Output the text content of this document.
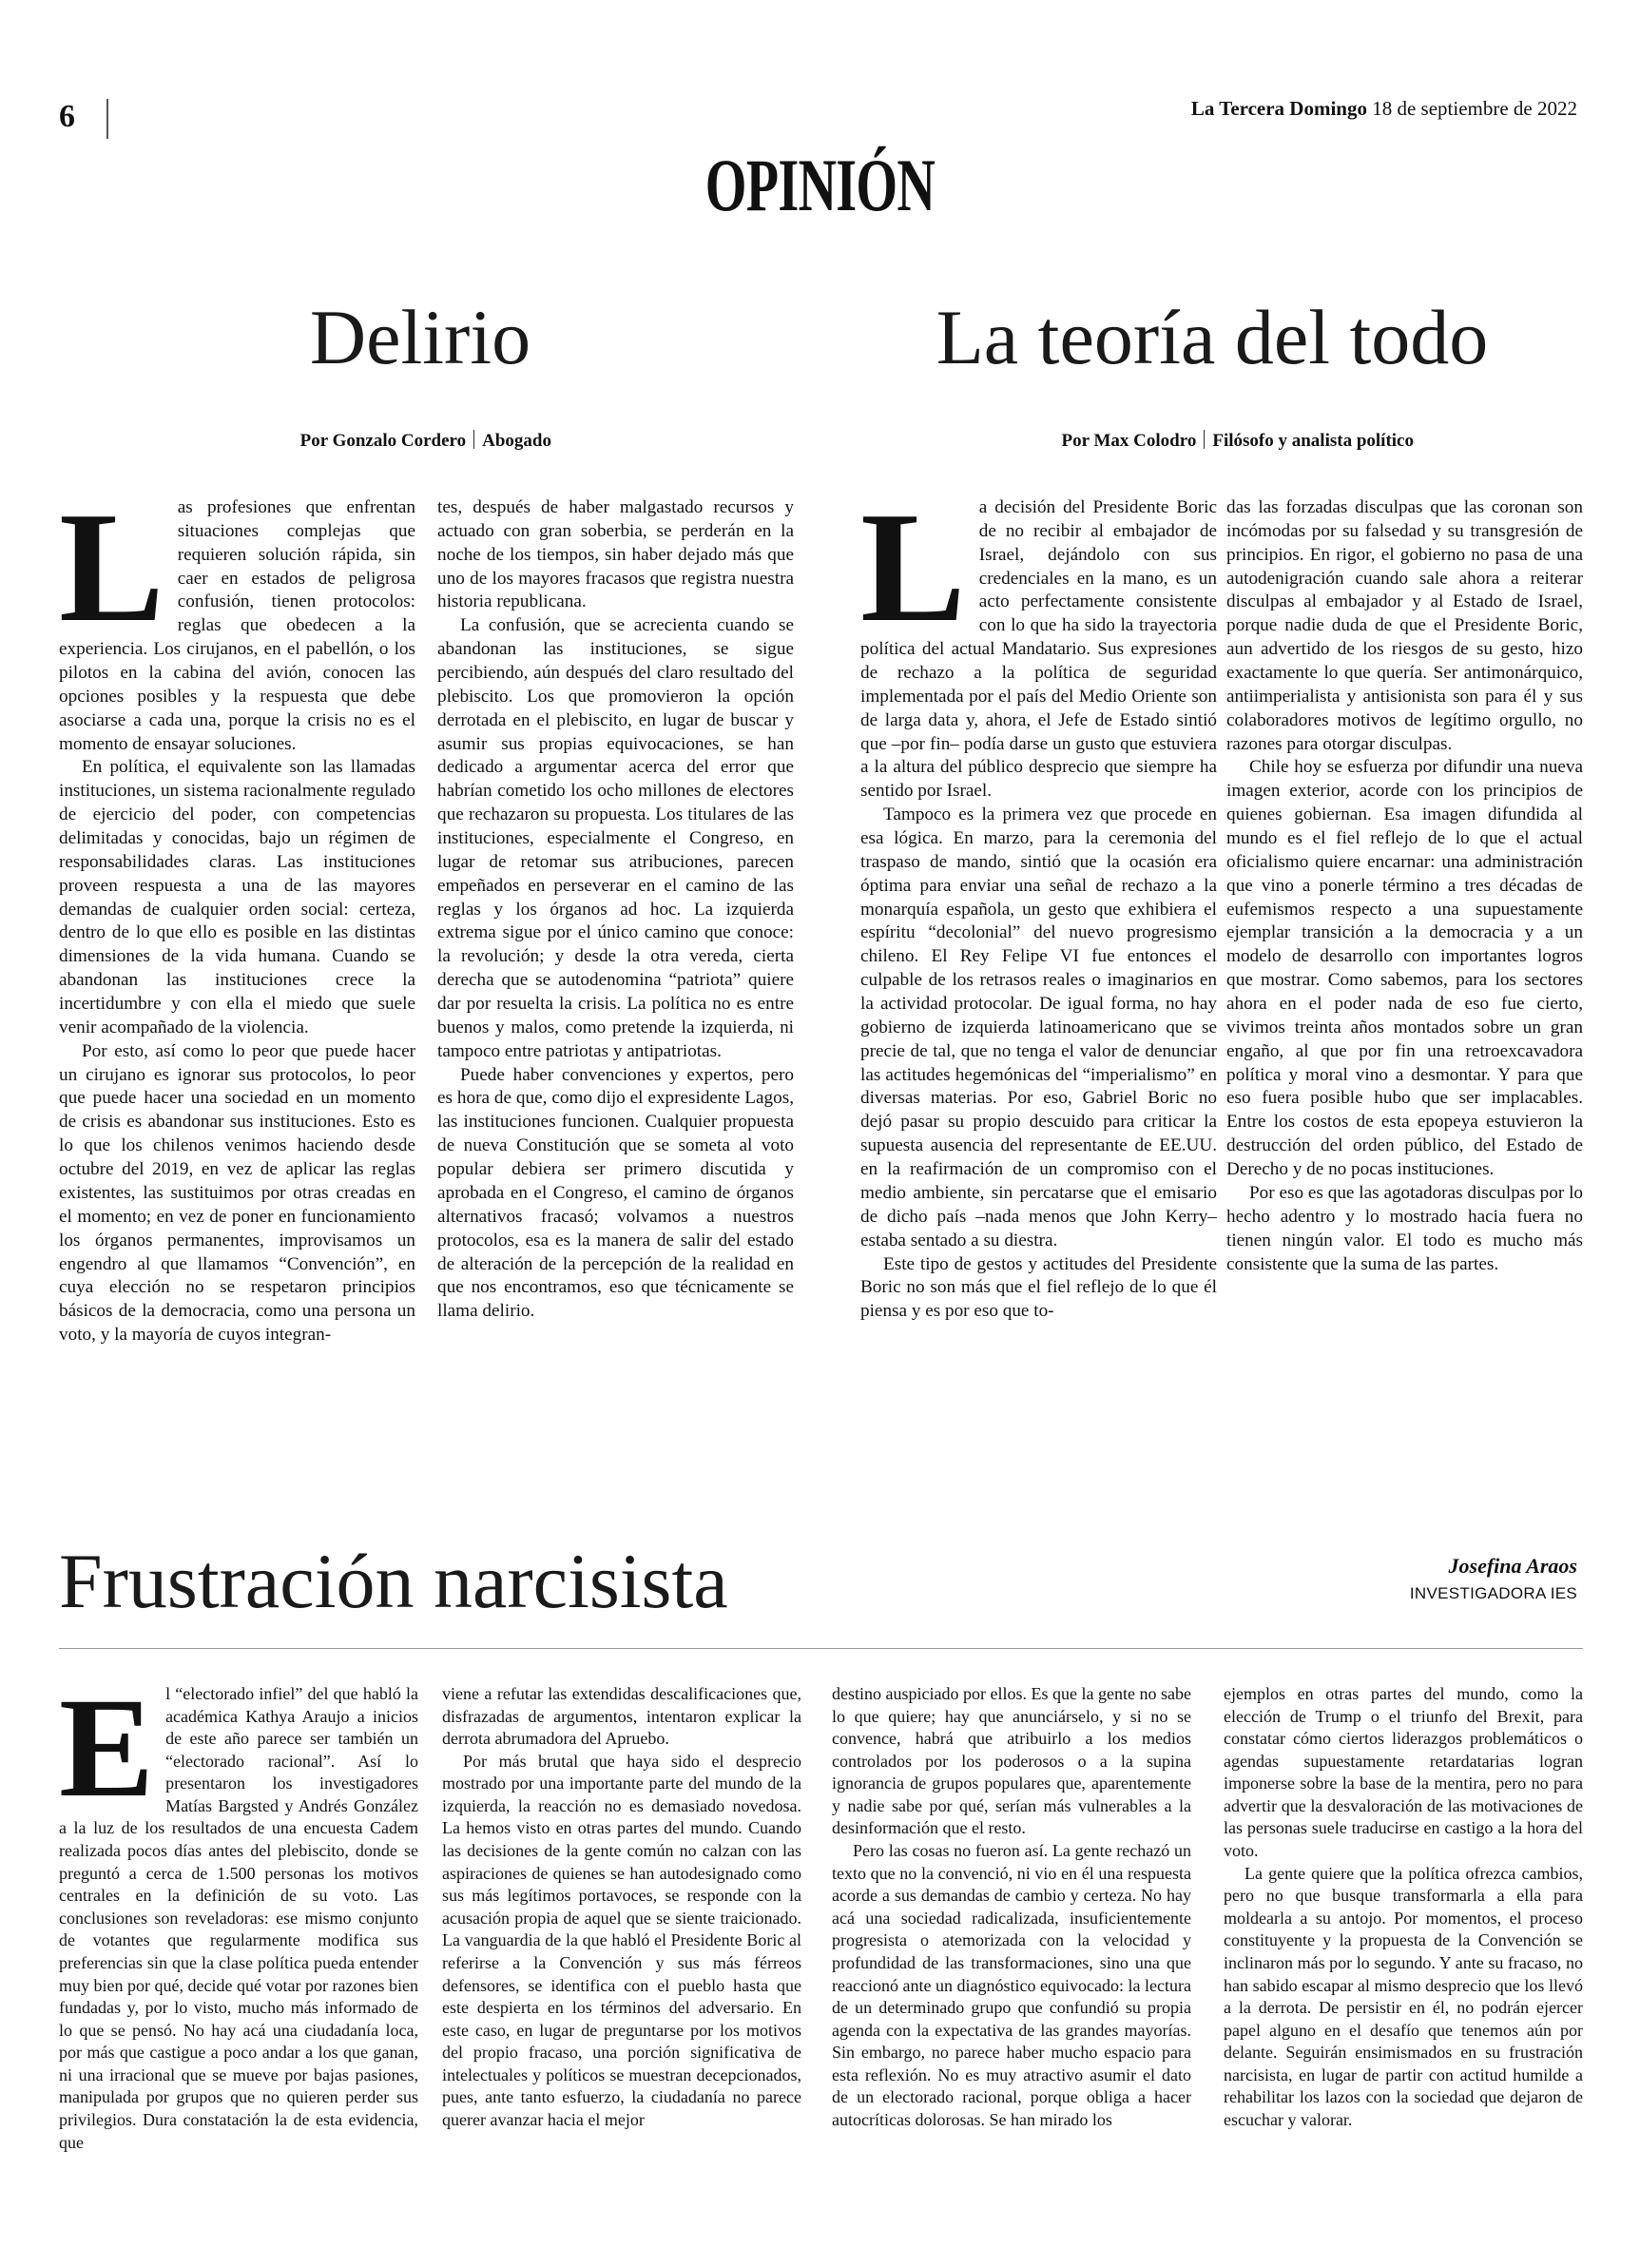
6	La Tercera Domingo 18 de septiembre de 2022
OPINIÓN
Delirio
Por Gonzalo Cordero Abogado
L as profesiones que enfrentan situaciones complejas que requieren solución rápida, sin caer en estados de peligrosa confusión, tienen protocolos: reglas que obedecen a la experiencia. Los cirujanos, en el pabellón, o los pilotos en la cabina del avión, conocen las opciones posibles y la respuesta que debe asociarse a cada una, porque la crisis no es el momento de ensayar soluciones.

En política, el equivalente son las llamadas instituciones, un sistema racionalmente regulado de ejercicio del poder, con competencias delimitadas y conocidas, bajo un régimen de responsabilidades claras. Las instituciones proveen respuesta a una de las mayores demandas de cualquier orden social: certeza, dentro de lo que ello es posible en las distintas dimensiones de la vida humana. Cuando se abandonan las instituciones crece la incertidumbre y con ella el miedo que suele venir acompañado de la violencia.

Por esto, así como lo peor que puede hacer un cirujano es ignorar sus protocolos, lo peor que puede hacer una sociedad en un momento de crisis es abandonar sus instituciones. Esto es lo que los chilenos venimos haciendo desde octubre del 2019, en vez de aplicar las reglas existentes, las sustituimos por otras creadas en el momento; en vez de poner en funcionamiento los órganos permanentes, improvisamos un engendro al que llamamos “Convención”, en cuya elección no se respetaron principios básicos de la democracia, como una persona un voto, y la mayoría de cuyos integran-

tes, después de haber malgastado recursos y actuado con gran soberbia, se perderán en la noche de los tiempos, sin haber dejado más que uno de los mayores fracasos que registra nuestra historia republicana.

La confusión, que se acrecienta cuando se abandonan las instituciones, se sigue percibiendo, aún después del claro resultado del plebiscito. Los que promovieron la opción derrotada en el plebiscito, en lugar de buscar y asumir sus propias equivocaciones, se han dedicado a argumentar acerca del error que habrían cometido los ocho millones de electores que rechazaron su propuesta. Los titulares de las instituciones, especialmente el Congreso, en lugar de retomar sus atribuciones, parecen empeñados en perseverar en el camino de las reglas y los órganos ad hoc. La izquierda extrema sigue por el único camino que conoce: la revolución; y desde la otra vereda, cierta derecha que se autodenomina “patriota” quiere dar por resuelta la crisis. La política no es entre buenos y malos, como pretende la izquierda, ni tampoco entre patriotas y antipatriotas.

Puede haber convenciones y expertos, pero es hora de que, como dijo el expresidente Lagos, las instituciones funcionen. Cualquier propuesta de nueva Constitución que se someta al voto popular debiera ser primero discutida y aprobada en el Congreso, el camino de órganos alternativos fracasó; volvamos a nuestros protocolos, esa es la manera de salir del estado de alteración de la percepción de la realidad en que nos encontramos, eso que técnicamente se llama delirio.

La teoría del todo
Por Max Colodro Filósofo y analista político
L a decisión del Presidente Boric de no recibir al embajador de Israel, dejándolo con sus credenciales en la mano, es un acto perfectamente consistente con lo que ha sido la trayectoria política del actual Mandatario. Sus expresiones de rechazo a la política de seguridad implementada por el país del Medio Oriente son de larga data y, ahora, el Jefe de Estado sintió que –por fin– podía darse un gusto que estuviera a la altura del público desprecio que siempre ha sentido por Israel.

Tampoco es la primera vez que procede en esa lógica. En marzo, para la ceremonia del traspaso de mando, sintió que la ocasión era óptima para enviar una señal de rechazo a la monarquía española, un gesto que exhibiera el espíritu “decolonial” del nuevo progresismo chileno. El Rey Felipe VI fue entonces el culpable de los retrasos reales o imaginarios en la actividad protocolar. De igual forma, no hay gobierno de izquierda latinoamericano que se precie de tal, que no tenga el valor de denunciar las actitudes hegemónicas del “imperialismo” en diversas materias. Por eso, Gabriel Boric no dejó pasar su propio descuido para criticar la supuesta ausencia del representante de EE.UU. en la reafirmación de un compromiso con el medio ambiente, sin percatarse que el emisario de dicho país –nada menos que John Kerry– estaba sentado a su diestra.

Este tipo de gestos y actitudes del Presidente Boric no son más que el fiel reflejo de lo que él piensa y es por eso que to-

das las forzadas disculpas que las coronan son incómodas por su falsedad y su transgresión de principios. En rigor, el gobierno no pasa de una autodenigración cuando sale ahora a reiterar disculpas al embajador y al Estado de Israel, porque nadie duda de que el Presidente Boric, aun advertido de los riesgos de su gesto, hizo exactamente lo que quería. Ser antimonárquico, antiimperialista y antisionista son para él y sus colaboradores motivos de legítimo orgullo, no razones para otorgar disculpas.

Chile hoy se esfuerza por difundir una nueva imagen exterior, acorde con los principios de quienes gobiernan. Esa imagen difundida al mundo es el fiel reflejo de lo que el actual oficialismo quiere encarnar: una administración que vino a ponerle término a tres décadas de eufemismos respecto a una supuestamente ejemplar transición a la democracia y a un modelo de desarrollo con importantes logros que mostrar. Como sabemos, para los sectores ahora en el poder nada de eso fue cierto, vivimos treinta años montados sobre un gran engaño, al que por fin una retroexcavadora política y moral vino a desmontar. Y para que eso fuera posible hubo que ser implacables. Entre los costos de esta epopeya estuvieron la destrucción del orden público, del Estado de Derecho y de no pocas instituciones.

Por eso es que las agotadoras disculpas por lo hecho adentro y lo mostrado hacia fuera no tienen ningún valor. El todo es mucho más consistente que la suma de las partes.

Frustración narcisista	Josefina Araos
INVESTIGADORA IES
E l “electorado infiel” del que habló la académica Kathya Araujo a inicios de este año parece ser también un “electorado racional”. Así lo presentaron los investigadores Matías Bargsted y Andrés González a la luz de los resultados de una encuesta Cadem realizada pocos días antes del plebiscito, donde se preguntó a cerca de 1.500 personas los motivos centrales en la definición de su voto. Las conclusiones son reveladoras: ese mismo conjunto de votantes que regularmente modifica sus preferencias sin que la clase política pueda entender muy bien por qué, decide qué votar por razones bien fundadas y, por lo visto, mucho más informado de lo que se pensó. No hay acá una ciudadanía loca, por más que castigue a poco andar a los que ganan, ni una irracional que se mueve por bajas pasiones, manipulada por grupos que no quieren perder sus privilegios. Dura constatación la de esta evidencia, que

viene a refutar las extendidas descalificaciones que, disfrazadas de argumentos, intentaron explicar la derrota abrumadora del Apruebo.

Por más brutal que haya sido el desprecio mostrado por una importante parte del mundo de la izquierda, la reacción no es demasiado novedosa. La hemos visto en otras partes del mundo. Cuando las decisiones de la gente común no calzan con las aspiraciones de quienes se han autodesignado como sus más legítimos portavoces, se responde con la acusación propia de aquel que se siente traicionado. La vanguardia de la que habló el Presidente Boric al referirse a la Convención y sus más férreos defensores, se identifica con el pueblo hasta que este despierta en los términos del adversario. En este caso, en lugar de preguntarse por los motivos del propio fracaso, una porción significativa de intelectuales y políticos se muestran decepcionados, pues, ante tanto esfuerzo, la ciudadanía no parece querer avanzar hacia el mejor

destino auspiciado por ellos. Es que la gente no sabe lo que quiere; hay que anunciárselo, y si no se convence, habrá que atribuirlo a los medios controlados por los poderosos o a la supina ignorancia de grupos populares que, aparentemente y nadie sabe por qué, serían más vulnerables a la desinformación que el resto.

Pero las cosas no fueron así. La gente rechazó un texto que no la convenció, ni vio en él una respuesta acorde a sus demandas de cambio y certeza. No hay acá una sociedad radicalizada, insuficientemente progresista o atemorizada con la velocidad y profundidad de las transformaciones, sino una que reaccionó ante un diagnóstico equivocado: la lectura de un determinado grupo que confundió su propia agenda con la expectativa de las grandes mayorías. Sin embargo, no parece haber mucho espacio para esta reflexión. No es muy atractivo asumir el dato de un electorado racional, porque obliga a hacer autocríticas dolorosas. Se han mirado los

ejemplos en otras partes del mundo, como la elección de Trump o el triunfo del Brexit, para constatar cómo ciertos liderazgos problemáticos o agendas supuestamente retardatarias logran imponerse sobre la base de la mentira, pero no para advertir que la desvaloración de las motivaciones de las personas suele traducirse en castigo a la hora del voto.

La gente quiere que la política ofrezca cambios, pero no que busque transformarla a ella para moldearla a su antojo. Por momentos, el proceso constituyente y la propuesta de la Convención se inclinaron más por lo segundo. Y ante su fracaso, no han sabido escapar al mismo desprecio que los llevó a la derrota. De persistir en él, no podrán ejercer papel alguno en el desafío que tenemos aún por delante. Seguirán ensimismados en su frustración narcisista, en lugar de partir con actitud humilde a rehabilitar los lazos con la sociedad que dejaron de escuchar y valorar.
